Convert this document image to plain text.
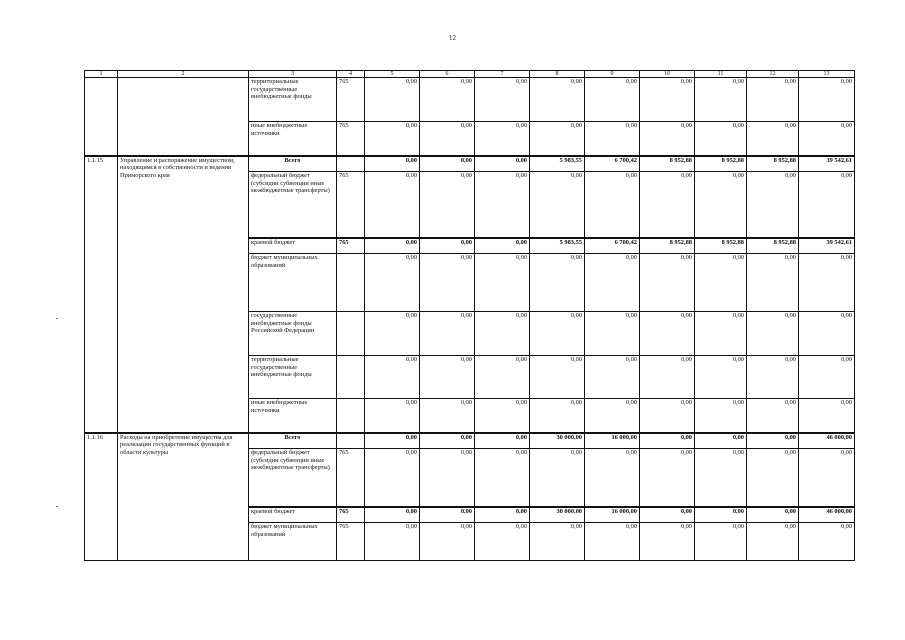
12
1	2	3	4	5	6	7	8	9	10	11	12	13
		территориальные государственные внебюджетные фонды	765	0,00	0,00	0,00	0,00	0,00	0,00	0,00	0,00	0,00
		иные внебюджетные источники	765	0,00	0,00	0,00	0,00	0,00	0,00	0,00	0,00	0,00
1.1.15	Управление и распоряжение имуществом, находящимся в собственности и ведении Приморского края	Всего		0,00	0,00	0,00	5 983,55	6 700,42	8 952,88	8 952,88	8 952,88	39 542,61
		федеральный бюджет (субсидии субвенции иные межбюджетные трансферты)	765	0,00	0,00	0,00	0,00	0,00	0,00	0,00	0,00	0,00
		краевой бюджет	765	0,00	0,00	0,00	5 983,55	6 700,42	8 952,88	8 952,88	8 952,88	39 542,61
		бюджет муниципальных образований		0,00	0,00	0,00	0,00	0,00	0,00	0,00	0,00	0,00
		государственные внебюджетные фонды Российской Федерации		0,00	0,00	0,00	0,00	0,00	0,00	0,00	0,00	0,00
		территориальные государственные внебюджетные фонды		0,00	0,00	0,00	0,00	0,00	0,00	0,00	0,00	0,00
		иные внебюджетные источники		0,00	0,00	0,00	0,00	0,00	0,00	0,00	0,00	0,00
1.1.16	Расходы на приобретение имущества для реализации государственных функций в области культуры	Всего		0,00	0,00	0,00	30 000,00	16 000,00	0,00	0,00	0,00	46 000,00
		федеральный бюджет (субсидии субвенции иные межбюджетные трансферты)	765	0,00	0,00	0,00	0,00	0,00	0,00	0,00	0,00	0,00
		краевой бюджет	765	0,00	0,00	0,00	30 000,00	16 000,00	0,00	0,00	0,00	46 000,00
		бюджет муниципальных образований	765	0,00	0,00	0,00	0,00	0,00	0,00	0,00	0,00	0,00
